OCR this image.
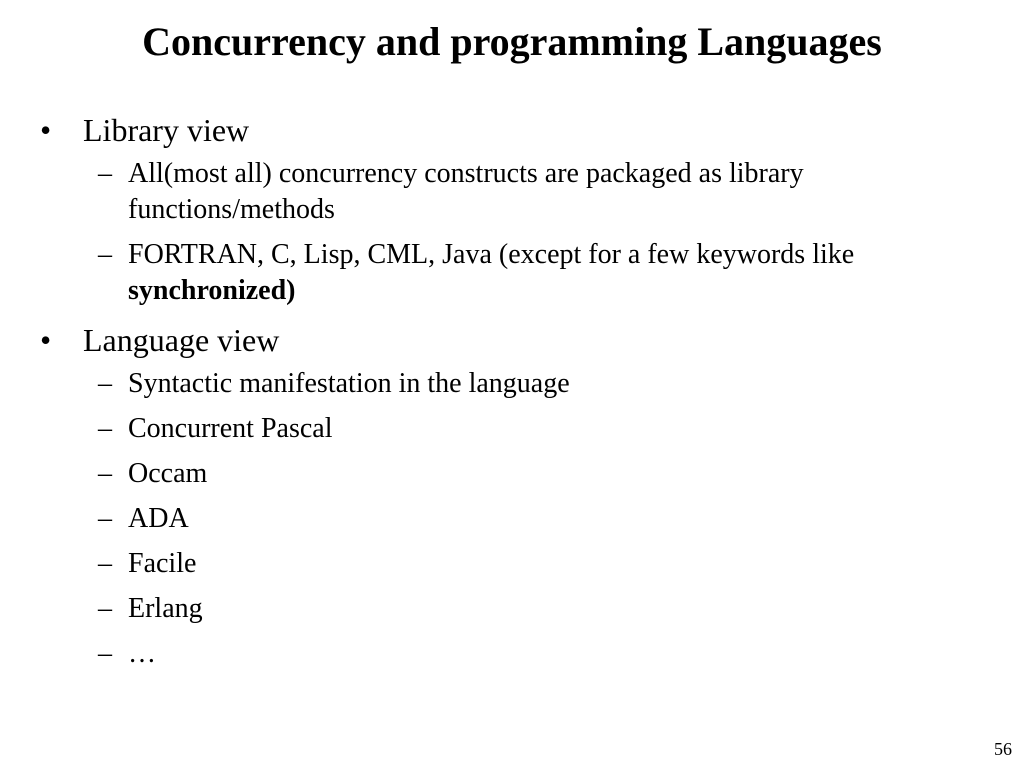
Concurrency and programming Languages
• Library view
– All(most all) concurrency constructs are packaged as library functions/methods
– FORTRAN, C, Lisp, CML, Java (except for a few keywords like synchronized)
• Language view
– Syntactic manifestation in the language
– Concurrent Pascal
– Occam
– ADA
– Facile
– Erlang
– …
56
